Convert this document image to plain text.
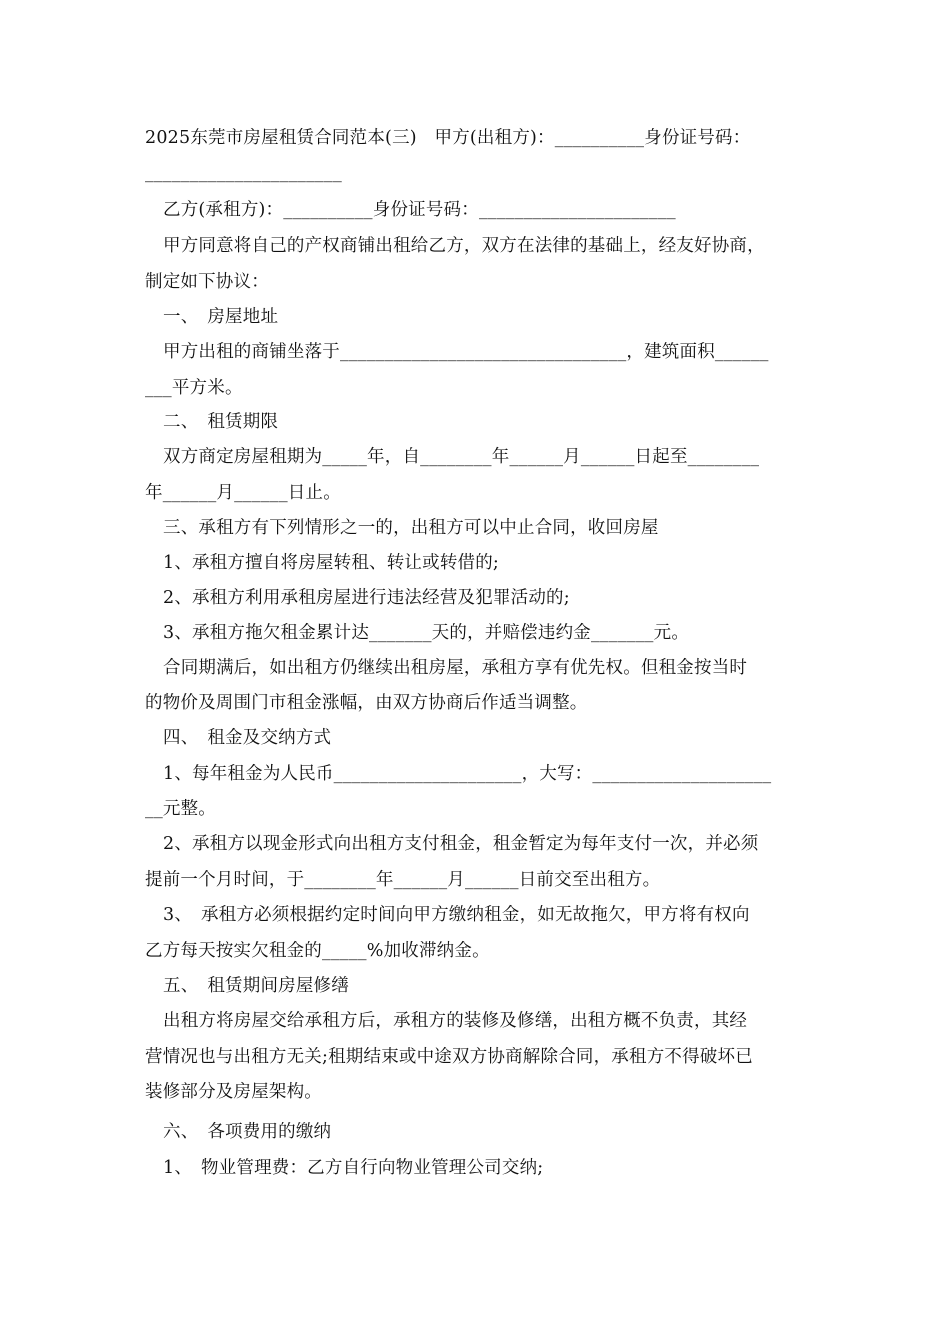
2025东莞市房屋租赁合同范本(三)　甲方(出租方)：__________身份证号码：
______________________
乙方(承租方)：__________身份证号码：______________________
甲方同意将自己的产权商铺出租给乙方，双方在法律的基础上，经友好协商，
制定如下协议：
一、　房屋地址
甲方出租的商铺坐落于________________________________，建筑面积______
___平方米。
二、　租赁期限
双方商定房屋租期为_____年，自________年______月______日起至________
年______月______日止。
三、承租方有下列情形之一的，出租方可以中止合同，收回房屋
1、承租方擅自将房屋转租、转让或转借的;
2、承租方利用承租房屋进行违法经营及犯罪活动的;
3、承租方拖欠租金累计达_______天的，并赔偿违约金_______元。
合同期满后，如出租方仍继续出租房屋，承租方享有优先权。但租金按当时
的物价及周围门市租金涨幅，由双方协商后作适当调整。
四、　租金及交纳方式
1、每年租金为人民币_____________________，大写：____________________
__元整。
2、承租方以现金形式向出租方支付租金，租金暂定为每年支付一次，并必须
提前一个月时间，于________年______月______日前交至出租方。
3、　承租方必须根据约定时间向甲方缴纳租金，如无故拖欠，甲方将有权向
乙方每天按实欠租金的_____%加收滞纳金。
五、　租赁期间房屋修缮
出租方将房屋交给承租方后，承租方的装修及修缮，出租方概不负责，其经
营情况也与出租方无关;租期结束或中途双方协商解除合同，承租方不得破坏已
装修部分及房屋架构。
六、　各项费用的缴纳
1、　物业管理费：乙方自行向物业管理公司交纳;
